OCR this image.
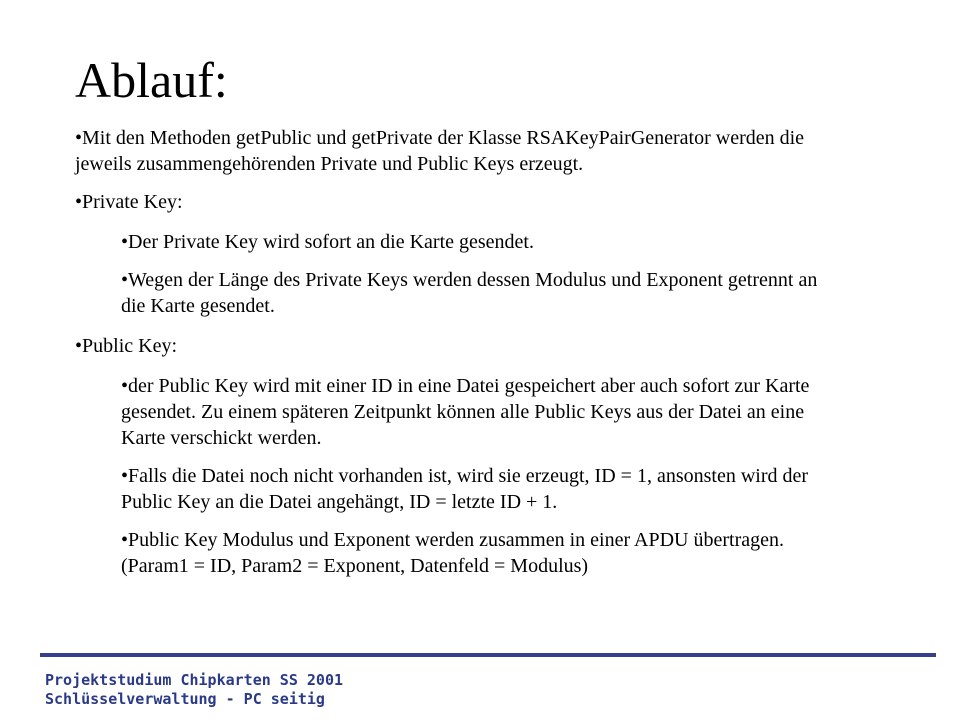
Ablauf:

•Mit den Methoden getPublic und getPrivate der Klasse RSAKeyPairGenerator werden die jeweils zusammengehörenden Private und Public Keys erzeugt.

•Private Key:

•Der Private Key wird sofort an die Karte gesendet.

•Wegen der Länge des Private Keys werden dessen Modulus und Exponent getrennt an die Karte gesendet.

•Public Key:

•der Public Key wird mit einer ID in eine Datei gespeichert aber auch sofort zur Karte gesendet. Zu einem späteren Zeitpunkt können alle Public Keys aus der Datei an eine Karte verschickt werden.

•Falls die Datei noch nicht vorhanden ist, wird sie erzeugt, ID = 1, ansonsten wird der Public Key an die Datei angehängt, ID = letzte ID + 1.

•Public Key Modulus und Exponent werden zusammen in einer APDU übertragen. (Param1 = ID, Param2 = Exponent, Datenfeld = Modulus)

Projektstudium Chipkarten SS 2001
Schlüsselverwaltung - PC seitig
